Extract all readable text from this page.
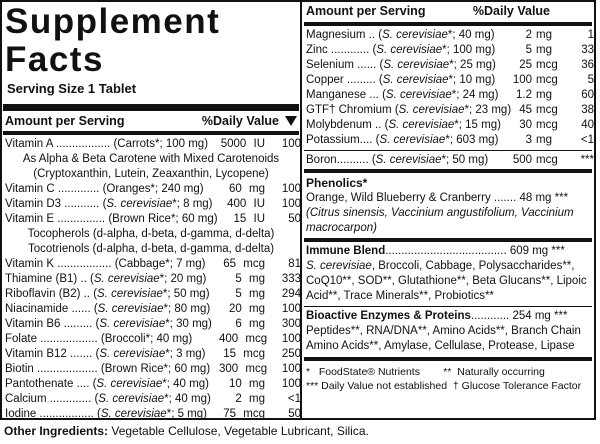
Supplement Facts
Serving Size 1 Tablet
Amount per Serving	%Daily Value
Vitamin A ................. (Carrots*; 100 mg)	5000 IU	100
As Alpha & Beta Carotene with Mixed Carotenoids
(Cryptoxanthin, Lutein, Zeaxanthin, Lycopene)
Vitamin C ............. (Oranges*; 240 mg)	60 mg	100
Vitamin D3 ........... (S. cerevisiae*; 8 mg)	400 IU	100
Vitamin E ............... (Brown Rice*; 60 mg)	15 IU	50
Tocopherols (d-alpha, d-beta, d-gamma, d-delta)
Tocotrienols (d-alpha, d-beta, d-gamma, d-delta)
Vitamin K ................. (Cabbage*; 7 mg)	65 mcg	81
Thiamine (B1) .. (S. cerevisiae*; 20 mg)	5 mg	333
Riboflavin (B2) .. (S. cerevisiae*; 50 mg)	5 mg	294
Niacinamide ...... (S. cerevisiae*; 80 mg)	20 mg	100
Vitamin B6 ......... (S. cerevisiae*; 30 mg)	6 mg	300
Folate .................. (Broccoli*; 40 mg)	400 mcg	100
Vitamin B12 ....... (S. cerevisiae*; 3 mg)	15 mcg	250
Biotin ................... (Brown Rice*; 60 mg) 300 mcg	100
Pantothenate .... (S. cerevisiae*; 40 mg)	10 mg	100
Calcium ............. (S. cerevisiae*; 40 mg)	2 mg	<1
Iodine ................. (S. cerevisiae*; 5 mg)	75 mcg	50
Amount per Serving	%Daily Value
Magnesium .. (S. cerevisiae*; 40 mg)	2 mg	1
Zinc ............ (S. cerevisiae*; 100 mg)	5 mg	33
Selenium ...... (S. cerevisiae*; 25 mg)	25 mcg	36
Copper ......... (S. cerevisiae*; 10 mg)	100 mcg	5
Manganese ... (S. cerevisiae*; 24 mg)	1.2 mg	60
GTF† Chromium (S. cerevisiae*; 23 mg) 45 mcg	38
Molybdenum .. (S. cerevisiae*; 15 mg)	30 mcg	40
Potassium.... (S. cerevisiae*; 603 mg)	3 mg	<1
Boron.......... (S. cerevisiae*; 50 mg)	500 mcg	***
Phenolics*
Orange, Wild Blueberry & Cranberry ....... 48 mg ***
(Citrus sinensis, Vaccinium angustifolium, Vaccinium
macrocarpon)
Immune Blend...................................... 609 mg ***
S. cerevisiae, Broccoli, Cabbage, Polysaccharides**, CoQ10**, SOD**, Glutathione**, Beta Glucans**, Lipoic Acid**, Trace Minerals**, Probiotics**
Bioactive Enzymes & Proteins............ 254 mg ***
Peptides**, RNA/DNA**, Amino Acids**, Branch Chain Amino Acids**, Amylase, Cellulase, Protease, Lipase
*   FoodState® Nutrients        **  Naturally occurring
*** Daily Value not established  † Glucose Tolerance Factor
Other Ingredients: Vegetable Cellulose, Vegetable Lubricant, Silica.
